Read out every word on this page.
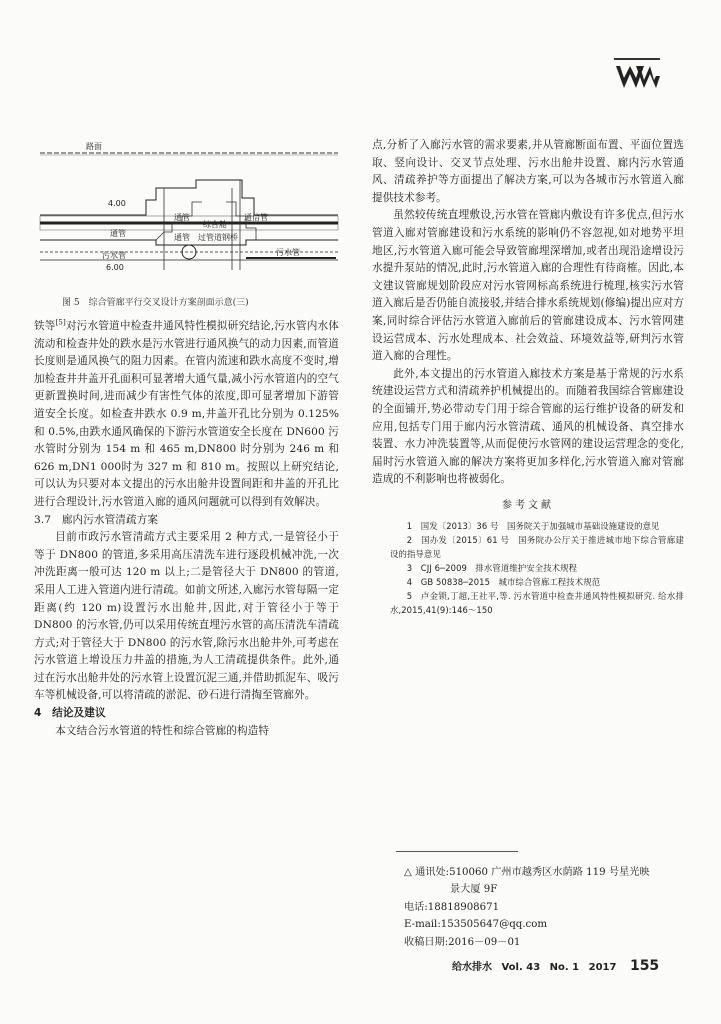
路面
4.00
通管
通管
综合舱
通信管
过管道钢桥
污水管
通管
污水管
6.00
图 5　综合管廊平行交叉设计方案剖面示意(三)

铁等[5]对污水管道中检查井通风特性模拟研究结论,污水管内水体流动和检查井处的跌水是污水管进行通风换气的动力因素,而管道长度则是通风换气的阻力因素。在管内流速和跌水高度不变时,增加检查井井盖开孔面积可显著增大通气量,减小污水管道内的空气更新置换时间,进而减少有害性气体的浓度,即可显著增加下游管道安全长度。如检查井跌水 0.9 m,井盖开孔比分别为 0.125%和 0.5%,由跌水通风确保的下游污水管道安全长度在 DN600 污水管时分别为 154 m 和 465 m,DN800 时分别为 246 m 和 626 m,DN1 000时为 327 m 和 810 m。按照以上研究结论,可以认为只要对本文提出的污水出舱井设置间距和井盖的开孔比进行合理设计,污水管道入廊的通风问题就可以得到有效解决。

3.7　廊内污水管清疏方案

目前市政污水管清疏方式主要采用 2 种方式,一是管径小于等于 DN800 的管道,多采用高压清洗车进行逐段机械冲洗,一次冲洗距离一般可达 120 m 以上;二是管径大于 DN800 的管道,采用人工进入管道内进行清疏。如前文所述,入廊污水管每隔一定距离(约 120 m)设置污水出舱井,因此,对于管径小于等于 DN800 的污水管,仍可以采用传统直埋污水管的高压清洗车清疏方式;对于管径大于 DN800 的污水管,除污水出舱井外,可考虑在污水管道上增设压力井盖的措施,为人工清疏提供条件。此外,通过在污水出舱井处的污水管上设置沉泥三通,并借助抓泥车、吸污车等机械设备,可以将清疏的淤泥、砂石进行清掏至管廊外。

4　结论及建议

本文结合污水管道的特性和综合管廊的构造特

点,分析了入廊污水管的需求要素,并从管廊断面布置、平面位置选取、竖向设计、交叉节点处理、污水出舱井设置、廊内污水管通风、清疏养护等方面提出了解决方案,可以为各城市污水管道入廊提供技术参考。

虽然较传统直埋敷设,污水管在管廊内敷设有许多优点,但污水管道入廊对管廊建设和污水系统的影响仍不容忽视,如对地势平坦地区,污水管道入廊可能会导致管廊埋深增加,或者出现沿途增设污水提升泵站的情况,此时,污水管道入廊的合理性有待商榷。因此,本文建议管廊规划阶段应对污水管网标高系统进行梳理,核实污水管道入廊后是否仍能自流接驳,并结合排水系统规划(修编)提出应对方案,同时综合评估污水管道入廊前后的管廊建设成本、污水管网建设运营成本、污水处理成本、社会效益、环境效益等,研判污水管道入廊的合理性。

此外,本文提出的污水管道入廊技术方案是基于常规的污水系统建设运营方式和清疏养护机械提出的。而随着我国综合管廊建设的全面铺开,势必带动专门用于综合管廊的运行维护设备的研发和应用,包括专门用于廊内污水管清疏、通风的机械设备、真空排水装置、水力冲洗装置等,从而促使污水管网的建设运营理念的变化,届时污水管道入廊的解决方案将更加多样化,污水管道入廊对管廊造成的不利影响也将被弱化。

参考文献

1 国发〔2013〕36 号　国务院关于加强城市基础设施建设的意见

2 国办发〔2015〕61 号　国务院办公厅关于推进城市地下综合管廊建设的指导意见

3 CJJ 6─2009　排水管道维护安全技术规程

4 GB 50838─2015　城市综合管廊工程技术规范

5 卢金锁,丁超,王社平,等. 污水管道中检查井通风特性模拟研究. 给水排水,2015,41(9):146～150

△ 通讯处:510060 广州市越秀区水荫路 119 号星光映
景大厦 9F
电话:18818908671
E-mail:153505647@qq.com
收稿日期:2016－09－01
给水排水 Vol. 43 No. 1 2017 155
